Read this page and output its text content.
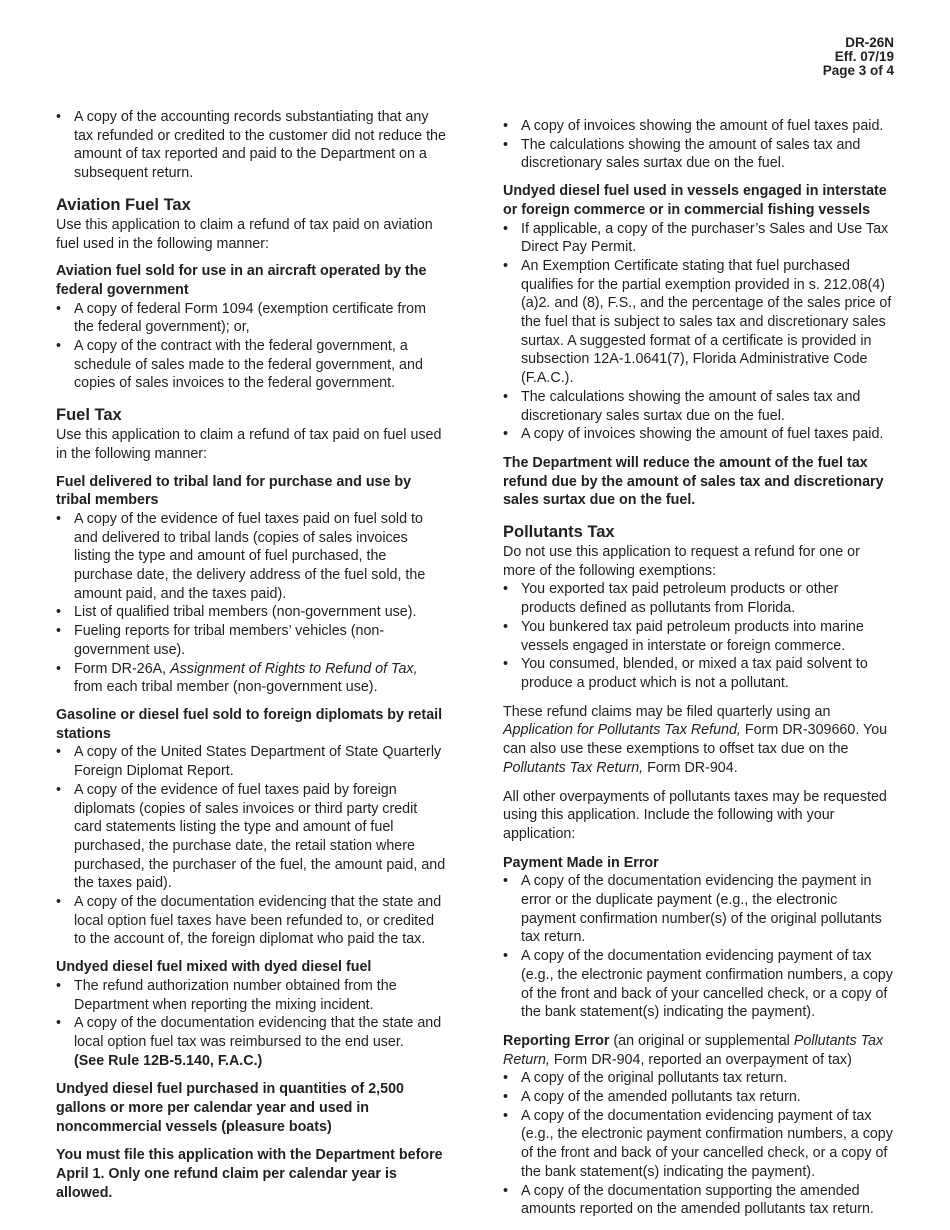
DR-26N
Eff. 07/19
Page 3 of 4
• A copy of the accounting records substantiating that any tax refunded or credited to the customer did not reduce the amount of tax reported and paid to the Department on a subsequent return.
Aviation Fuel Tax

Use this application to claim a refund of tax paid on aviation fuel used in the following manner:

Aviation fuel sold for use in an aircraft operated by the federal government
• A copy of federal Form 1094 (exemption certificate from the federal government); or,
• A copy of the contract with the federal government, a schedule of sales made to the federal government, and copies of sales invoices to the federal government.
Fuel Tax

Use this application to claim a refund of tax paid on fuel used in the following manner:

Fuel delivered to tribal land for purchase and use by tribal members
• A copy of the evidence of fuel taxes paid on fuel sold to and delivered to tribal lands (copies of sales invoices listing the type and amount of fuel purchased, the purchase date, the delivery address of the fuel sold, the amount paid, and the taxes paid).
• List of qualified tribal members (non-government use).
• Fueling reports for tribal members’ vehicles (non-government use).
• Form DR-26A, Assignment of Rights to Refund of Tax, from each tribal member (non-government use).
Gasoline or diesel fuel sold to foreign diplomats by retail stations
• A copy of the United States Department of State Quarterly Foreign Diplomat Report.
• A copy of the evidence of fuel taxes paid by foreign diplomats (copies of sales invoices or third party credit card statements listing the type and amount of fuel purchased, the purchase date, the retail station where purchased, the purchaser of the fuel, the amount paid, and the taxes paid).
• A copy of the documentation evidencing that the state and local option fuel taxes have been refunded to, or credited to the account of, the foreign diplomat who paid the tax.
Undyed diesel fuel mixed with dyed diesel fuel
• The refund authorization number obtained from the Department when reporting the mixing incident.
• A copy of the documentation evidencing that the state and local option fuel tax was reimbursed to the end user.
(See Rule 12B-5.140, F.A.C.)
Undyed diesel fuel purchased in quantities of 2,500 gallons or more per calendar year and used in noncommercial vessels (pleasure boats)

You must file this application with the Department before April 1. Only one refund claim per calendar year is allowed.

• A copy of invoices showing the amount of fuel taxes paid.
• The calculations showing the amount of sales tax and discretionary sales surtax due on the fuel.
Undyed diesel fuel used in vessels engaged in interstate or foreign commerce or in commercial fishing vessels
• If applicable, a copy of the purchaser’s Sales and Use Tax Direct Pay Permit.
• An Exemption Certificate stating that fuel purchased qualifies for the partial exemption provided in s. 212.08(4)(a)2. and (8), F.S., and the percentage of the sales price of the fuel that is subject to sales tax and discretionary sales surtax. A suggested format of a certificate is provided in subsection 12A-1.0641(7), Florida Administrative Code (F.A.C.).
• The calculations showing the amount of sales tax and discretionary sales surtax due on the fuel.
• A copy of invoices showing the amount of fuel taxes paid.

The Department will reduce the amount of the fuel tax refund due by the amount of sales tax and discretionary sales surtax due on the fuel.

Pollutants Tax

Do not use this application to request a refund for one or more of the following exemptions:

• You exported tax paid petroleum products or other products defined as pollutants from Florida.
• You bunkered tax paid petroleum products into marine vessels engaged in interstate or foreign commerce.
• You consumed, blended, or mixed a tax paid solvent to produce a product which is not a pollutant.

These refund claims may be filed quarterly using an Application for Pollutants Tax Refund, Form DR-309660. You can also use these exemptions to offset tax due on the Pollutants Tax Return, Form DR-904.

All other overpayments of pollutants taxes may be requested using this application. Include the following with your application:

Payment Made in Error
• A copy of the documentation evidencing the payment in error or the duplicate payment (e.g., the electronic payment confirmation number(s) of the original pollutants tax return.
• A copy of the documentation evidencing payment of tax (e.g., the electronic payment confirmation numbers, a copy of the front and back of your cancelled check, or a copy of the bank statement(s) indicating the payment).

Reporting Error (an original or supplemental Pollutants Tax Return, Form DR-904, reported an overpayment of tax)

• A copy of the original pollutants tax return.
• A copy of the amended pollutants tax return.
• A copy of the documentation evidencing payment of tax (e.g., the electronic payment confirmation numbers, a copy of the front and back of your cancelled check, or a copy of the bank statement(s) indicating the payment).
• A copy of the documentation supporting the amended amounts reported on the amended pollutants tax return.
